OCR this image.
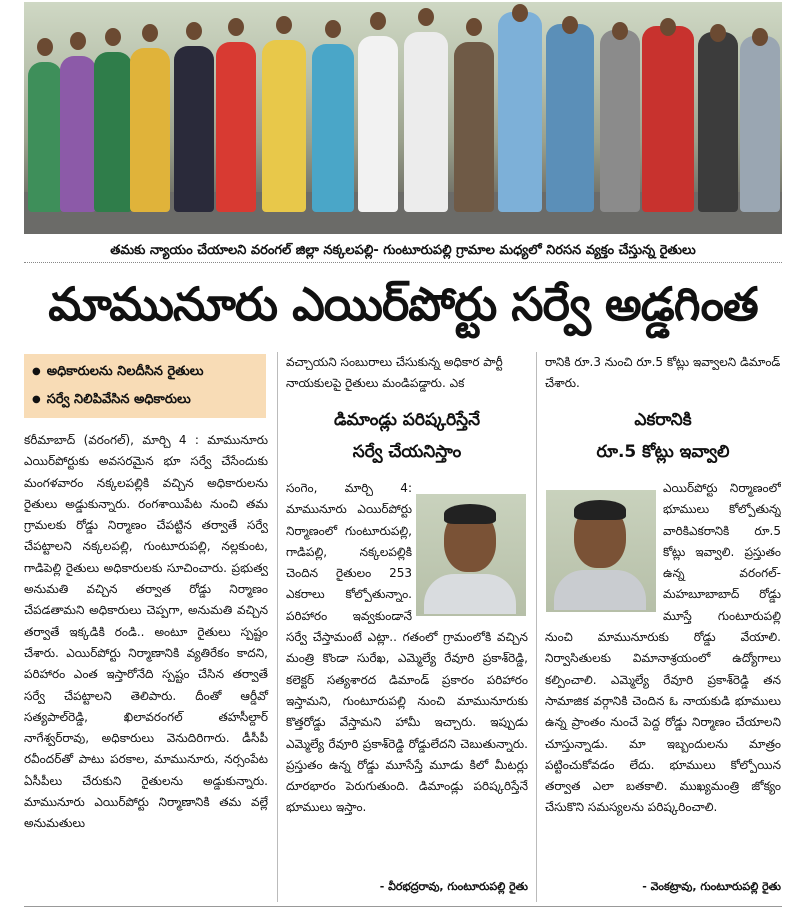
తమకు న్యాయం చేయాలని వరంగల్ జిల్లా నక్కలపల్లి- గుంటూరుపల్లి గ్రామాల మధ్యలో నిరసన వ్యక్తం చేస్తున్న రైతులు
మామునూరు ఎయిర్‌పోర్టు సర్వే అడ్డగింత
● అధికారులను నిలదీసిన రైతులు
● సర్వే నిలిపివేసిన అధికారులు

కరీమాబాద్ (వరంగల్), మార్చి 4 : మామునూరు ఎయిర్‌పోర్టుకు అవసరమైన భూ సర్వే చేసేందుకు మంగళవారం నక్కలపల్లికి వచ్చిన అధికారులను రైతులు అడ్డుకున్నారు. రంగశాయిపేట నుంచి తమ గ్రామలకు రోడ్డు నిర్మాణం చేపట్టిన తర్వాతే సర్వే చేపట్టాలని నక్కలపల్లి, గుంటూరుపల్లి, నల్లకుంట, గాడిపెల్లి రైతులు అధికారులకు సూచించారు. ప్రభుత్వ అనుమతి వచ్చిన తర్వాత రోడ్డు నిర్మాణం చేపడతామని అధికారులు చెప్పగా, అనుమతి వచ్చిన తర్వాతే ఇక్కడికి రండి.. అంటూ రైతులు స్పష్టం చేశారు. ఎయిర్‌పోర్టు నిర్మాణానికి వ్యతిరేకం కాదని, పరిహారం ఎంత ఇస్తారోనేది స్పష్టం చేసిన తర్వాతే సర్వే చేపట్టాలని తెలిపారు. దీంతో ఆర్డీవో సత్యపాల్‌రెడ్డి, ఖిలావరంగల్ తహసీల్దార్ నాగేశ్వర్‌రావు, అధికారులు వెనుదిరిగారు. డీసీపీ రవీందర్‌తో పాటు పరకాల, మామునూరు, నర్సంపేట ఏసీపీలు చేరుకుని రైతులను అడ్డుకున్నారు. మామునూరు ఎయిర్‌పోర్టు నిర్మాణానికి తమ వల్లే అనుమతులు

వచ్చాయని సంబురాలు చేసుకున్న అధికార పార్టీ నాయకులపై రైతులు మండిపడ్డారు. ఎక
రానికి రూ.3 నుంచి రూ.5 కోట్లు ఇవ్వాలని డిమాండ్ చేశారు.
డిమాండ్లు పరిష్కరిస్తేనే
సర్వే చేయనిస్తాం
ఎకరానికి
రూ.5 కోట్లు ఇవ్వాలి

సంగెం, మార్చి 4: మామునూరు ఎయిర్‌పోర్టు నిర్మాణంలో గుంటూరుపల్లి, గాడిపల్లి, నక్కలపల్లికి చెందిన రైతులం 253 ఎకరాలు కోల్పోతున్నాం. పరిహారం ఇవ్వకుండానే సర్వే చేస్తామంటే ఎట్లా.. గతంలో గ్రామంలోకి వచ్చిన మంత్రి కొండా సురేఖ, ఎమ్మెల్యే రేవూరి ప్రకాశ్‌రెడ్డి, కలెక్టర్ సత్యశారద డిమాండ్ ప్రకారం పరిహారం ఇస్తామని, గుంటూరుపల్లి నుంచి మామునూరుకు కొత్తరోడ్డు వేస్తామని హామీ ఇచ్చారు. ఇప్పుడు ఎమ్మెల్యే రేవూరి ప్రకాశ్‌రెడ్డి రోడ్డులేదని చెబుతున్నారు. ప్రస్తుతం ఉన్న రోడ్డు మూసేస్తే మూడు కిలో మీటర్లు దూరభారం పెరుగుతుంది. డిమాండ్లు పరిష్కరిస్తేనే భూములు ఇస్తాం.

ఎయిర్‌పోర్టు నిర్మాణంలో భూములు కోల్పోతున్న వారికిఎకరానికి రూ.5 కోట్లు ఇవ్వాలి. ప్రస్తుతం ఉన్న వరంగల్-మహబూబాబాద్ రోడ్డు మూస్తే గుంటూరుపల్లి నుంచి మామునూరుకు రోడ్డు వేయాలి. నిర్వాసితులకు విమానాశ్రయంలో ఉద్యోగాలు కల్పించాలి. ఎమ్మెల్యే రేవూరి ప్రకాశ్‌రెడ్డి తన సామాజిక వర్గానికి చెందిన ఓ నాయకుడి భూములు ఉన్న ప్రాంతం నుంచే పెద్ద రోడ్డు నిర్మాణం చేయాలని చూస్తున్నాడు. మా ఇబ్బందులను మాత్రం పట్టించుకోవడం లేదు. భూములు కోల్పోయిన తర్వాత ఎలా బతకాలి. ముఖ్యమంత్రి జోక్యం చేసుకొని సమస్యలను పరిష్కరించాలి.

- వీరభద్రరావు, గుంటూరుపల్లి రైతు	- వెంకట్రావు, గుంటూరుపల్లి రైతు
